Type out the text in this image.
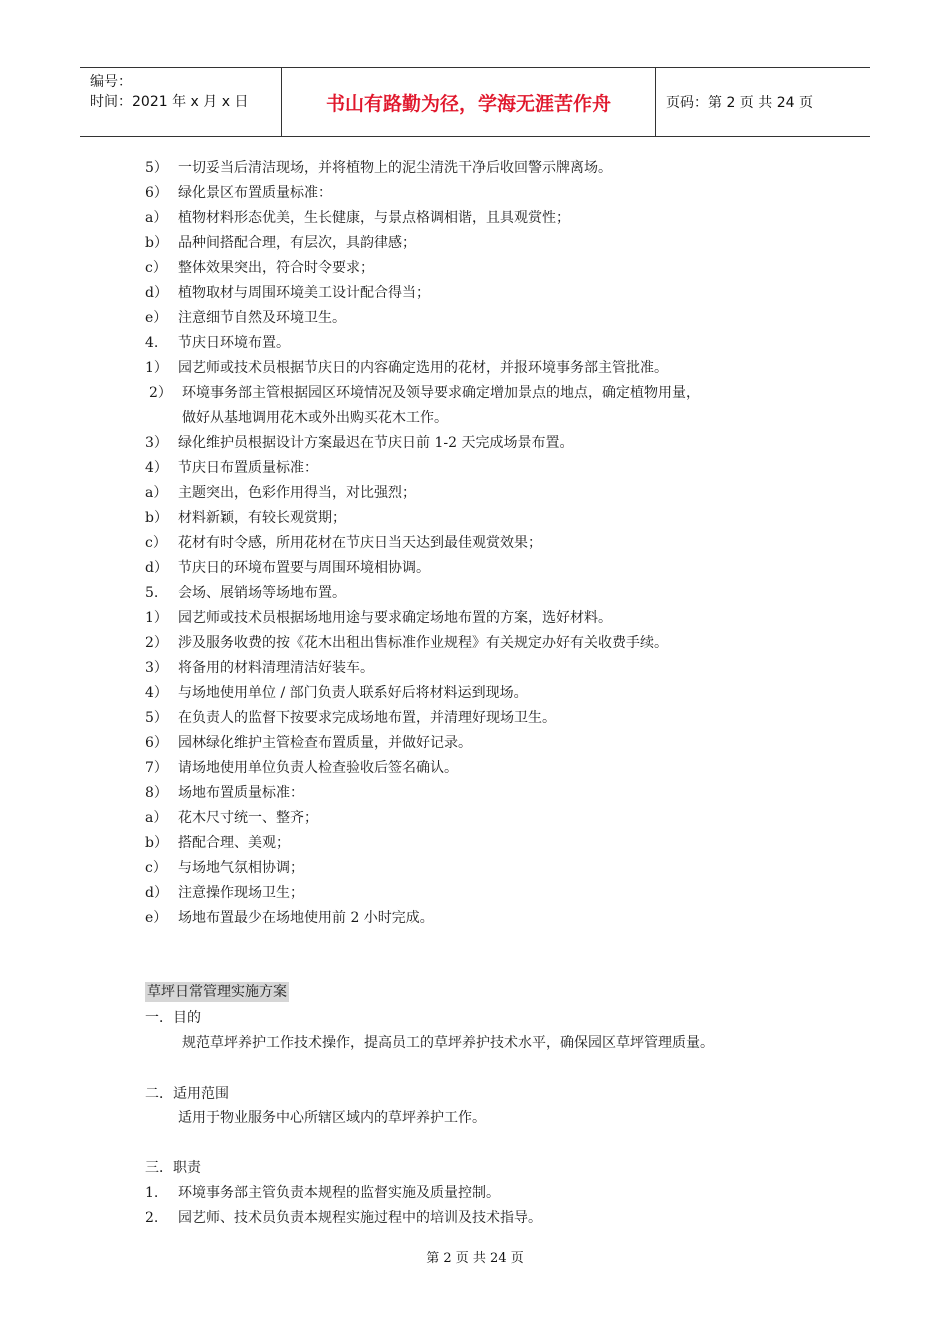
编号：
时间：2021 年 x 月 x 日	书山有路勤为径，学海无涯苦作舟	页码：第 2 页 共 24 页
5） 一切妥当后清洁现场，并将植物上的泥尘清洗干净后收回警示牌离场。
6） 绿化景区布置质量标准：
a） 植物材料形态优美，生长健康，与景点格调相谐，且具观赏性；
b） 品种间搭配合理，有层次，具韵律感；
c） 整体效果突出，符合时令要求；
d） 植物取材与周围环境美工设计配合得当；
e） 注意细节自然及环境卫生。
4. 节庆日环境布置。
1） 园艺师或技术员根据节庆日的内容确定选用的花材，并报环境事务部主管批准。
2） 环境事务部主管根据园区环境情况及领导要求确定增加景点的地点，确定植物用量，
做好从基地调用花木或外出购买花木工作。
3） 绿化维护员根据设计方案最迟在节庆日前 1-2 天完成场景布置。
4） 节庆日布置质量标准：
a） 主题突出，色彩作用得当，对比强烈；
b） 材料新颖，有较长观赏期；
c） 花材有时令感，所用花材在节庆日当天达到最佳观赏效果；
d） 节庆日的环境布置要与周围环境相协调。
5. 会场、展销场等场地布置。
1） 园艺师或技术员根据场地用途与要求确定场地布置的方案，选好材料。
2） 涉及服务收费的按《花木出租出售标准作业规程》有关规定办好有关收费手续。
3） 将备用的材料清理清洁好装车。
4） 与场地使用单位 / 部门负责人联系好后将材料运到现场。
5） 在负责人的监督下按要求完成场地布置，并清理好现场卫生。
6） 园林绿化维护主管检查布置质量，并做好记录。
7） 请场地使用单位负责人检查验收后签名确认。
8） 场地布置质量标准：
a） 花木尺寸统一、整齐；
b） 搭配合理、美观；
c） 与场地气氛相协调；
d） 注意操作现场卫生；
e） 场地布置最少在场地使用前 2 小时完成。
草坪日常管理实施方案
一．目的
规范草坪养护工作技术操作，提高员工的草坪养护技术水平，确保园区草坪管理质量。
二．适用范围
适用于物业服务中心所辖区域内的草坪养护工作。
三．职责
1. 环境事务部主管负责本规程的监督实施及质量控制。
2. 园艺师、技术员负责本规程实施过程中的培训及技术指导。
第 2 页 共 24 页
